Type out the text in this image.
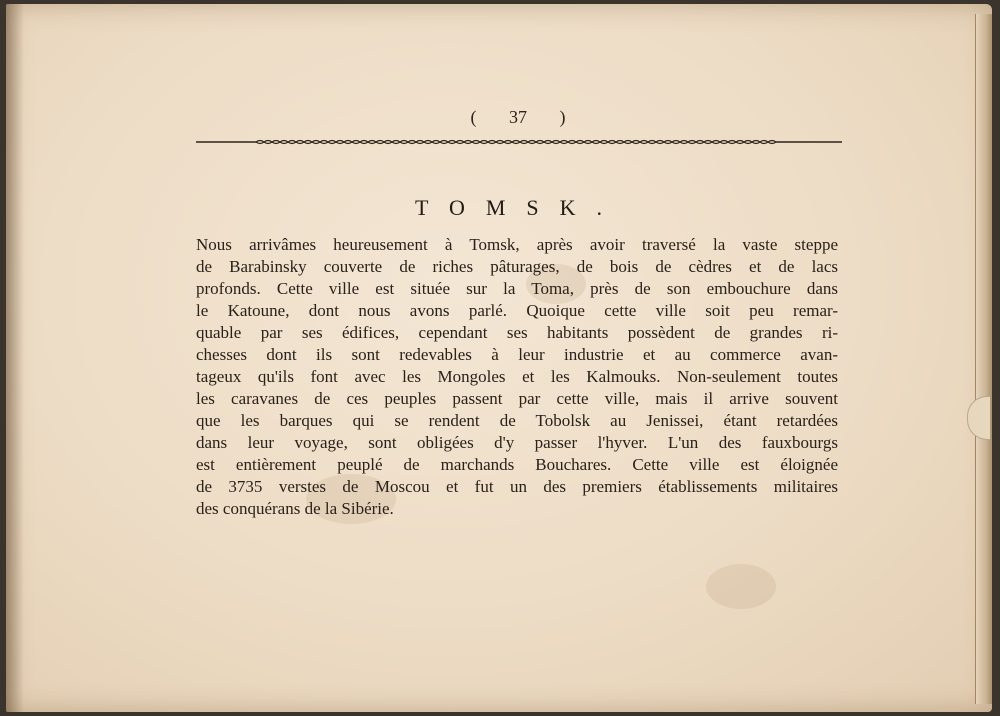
( 37 )
TOMSK.
Nous arrivâmes heureusement à Tomsk, après avoir traversé la vaste steppe
de Barabinsky couverte de riches pâturages, de bois de cèdres et de lacs
profonds. Cette ville est située sur la Toma, près de son embouchure dans
le Katoune, dont nous avons parlé. Quoique cette ville soit peu remar-
quable par ses édifices, cependant ses habitants possèdent de grandes ri-
chesses dont ils sont redevables à leur industrie et au commerce avan-
tageux qu'ils font avec les Mongoles et les Kalmouks. Non-seulement toutes
les caravanes de ces peuples passent par cette ville, mais il arrive souvent
que les barques qui se rendent de Tobolsk au Jenissei, étant retardées
dans leur voyage, sont obligées d'y passer l'hyver. L'un des fauxbourgs
est entièrement peuplé de marchands Bouchares. Cette ville est éloignée
de 3735 verstes de Moscou et fut un des premiers établissements militaires
des conquérans de la Sibérie.
